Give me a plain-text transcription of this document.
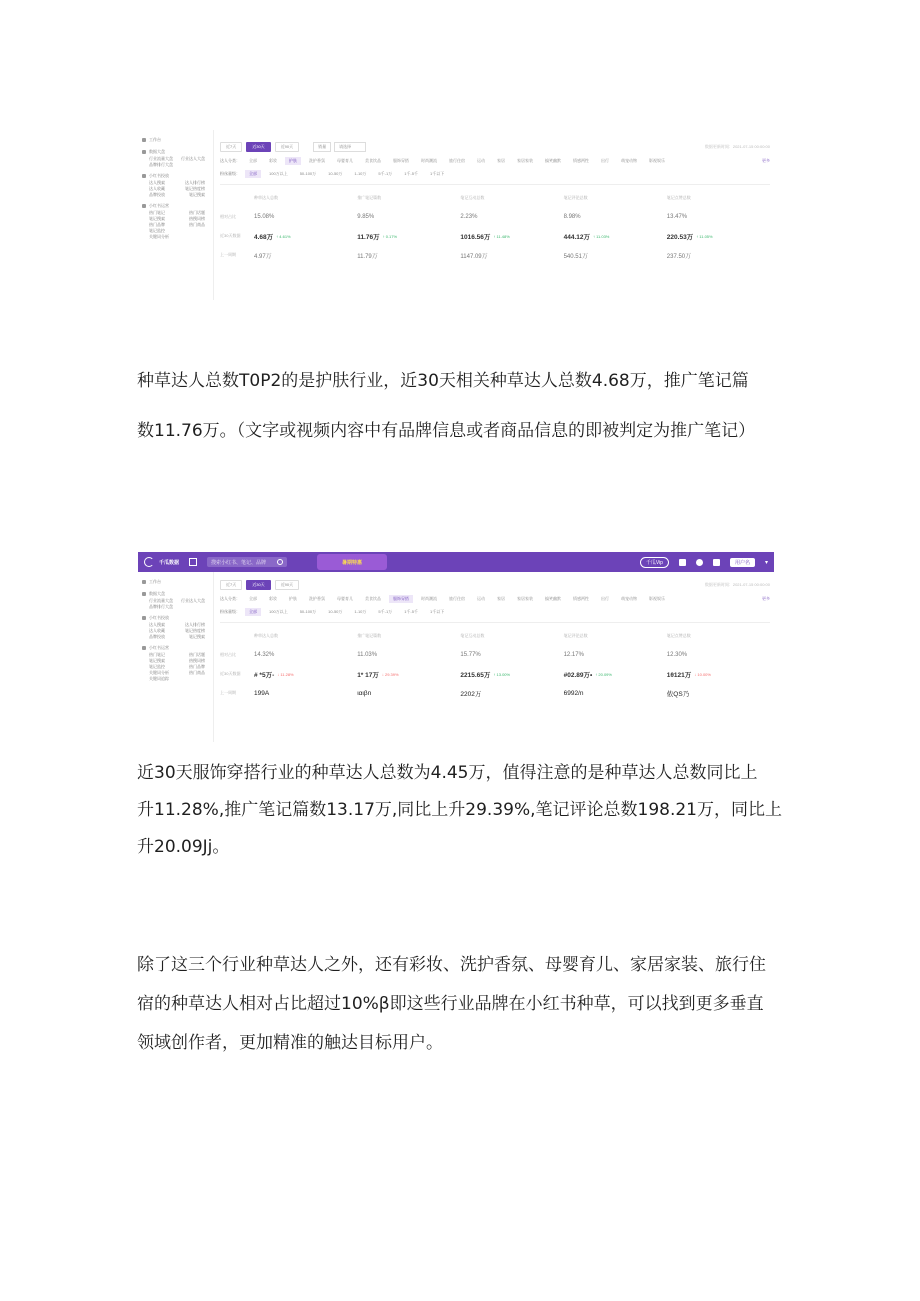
工作台
数据大盘
行业流量大盘 行业达人大盘
品牌排行大盘
小红书投放
达人搜索	达人排行榜
达人收藏	笔记热度榜
品牌投放	笔记搜索
小红书运营
热门笔记	热门话题
笔记搜索	热搜词榜
热门品牌	热门商品
笔记监控
关键词分析
近7天	近30天	近90天	销量	请选择	数据更新时间：2021-07-15 00:00:00
达人分类：	全部	彩妆	护肤	洗护香氛	母婴育儿	美食饮品	服饰穿搭	时尚潮流	旅行住宿	运动	家居	家居家装	搞笑幽默	情感两性	出行	萌宠动物	影视娱乐	更多
粉丝量级：	全部	100万以上	50-100万	10-50万	1-10万	5千-1万	1千-5千	1千以下
种草达人总数	推广笔记篇数	笔记互动总数	笔记评论总数	笔记点赞总数
相对占比	15.08%	9.85%	2.23%	8.98%	13.47%
近30天数据	4.68万 ↑ 4.61%	11.76万 ↑ 0.17%	1016.56万 ↑ 11.48%	444.12万 ↑ 11.03%	220.53万 ↑ 11.05%
上一周期	4.97万	11.79万	1147.09万	540.51万	237.50万

种草达人总数T0P2的是护肤行业，近30天相关种草达人总数4.68万，推广笔记篇
数11.76万。（文字或视频内容中有品牌信息或者商品信息的即被判定为推广笔记）

千瓜数据	搜索小红书、笔记、品牌	暑期特惠	千瓜Vip	用户名	▾
工作台
数据大盘
行业流量大盘 行业达人大盘
品牌排行大盘
小红书投放
达人搜索	达人排行榜
达人收藏	笔记热度榜
品牌投放	笔记搜索
小红书运营
热门笔记	热门话题
笔记搜索	热搜词榜
笔记监控	热门品牌
关键词分析	热门商品
关键词追踪
近7天	近30天	近90天	数据更新时间：2021-07-15 00:00:00
达人分类：	全部	彩妆	护肤	洗护香氛	母婴育儿	美食饮品	服饰穿搭	时尚潮流	旅行住宿	运动	家居	家居家装	搞笑幽默	情感两性	出行	萌宠动物	影视娱乐	更多
粉丝量级：	全部	100万以上	50-100万	10-50万	1-10万	5千-1万	1千-5千	1千以下
种草达人总数	推广笔记篇数	笔记互动总数	笔记评论总数	笔记点赞总数
相对占比	14.32%	11.03%	15.77%	12.17%	12.30%
近30天数据	# *5万- ↓ 11.28%	1* 17万 ↓ 29.39%	2215.65万 ↑ 13.00%	#02.89万• ↑ 20.09%	1θ121万 ↓ 10.00%
上一周期	199A	ιαιβn	2202万	6992/n	侬QS乃

近30天服饰穿搭行业的种草达人总数为4.45万，值得注意的是种草达人总数同比上
升11.28%,推广笔记篇数13.17万,同比上升29.39%,笔记评论总数198.21万，同比上
升20.09Jj。

除了这三个行业种草达人之外，还有彩妆、洗护香氛、母婴育儿、家居家装、旅行住
宿的种草达人相对占比超过10%β即这些行业品牌在小红书种草，可以找到更多垂直
领域创作者，更加精准的触达目标用户。
